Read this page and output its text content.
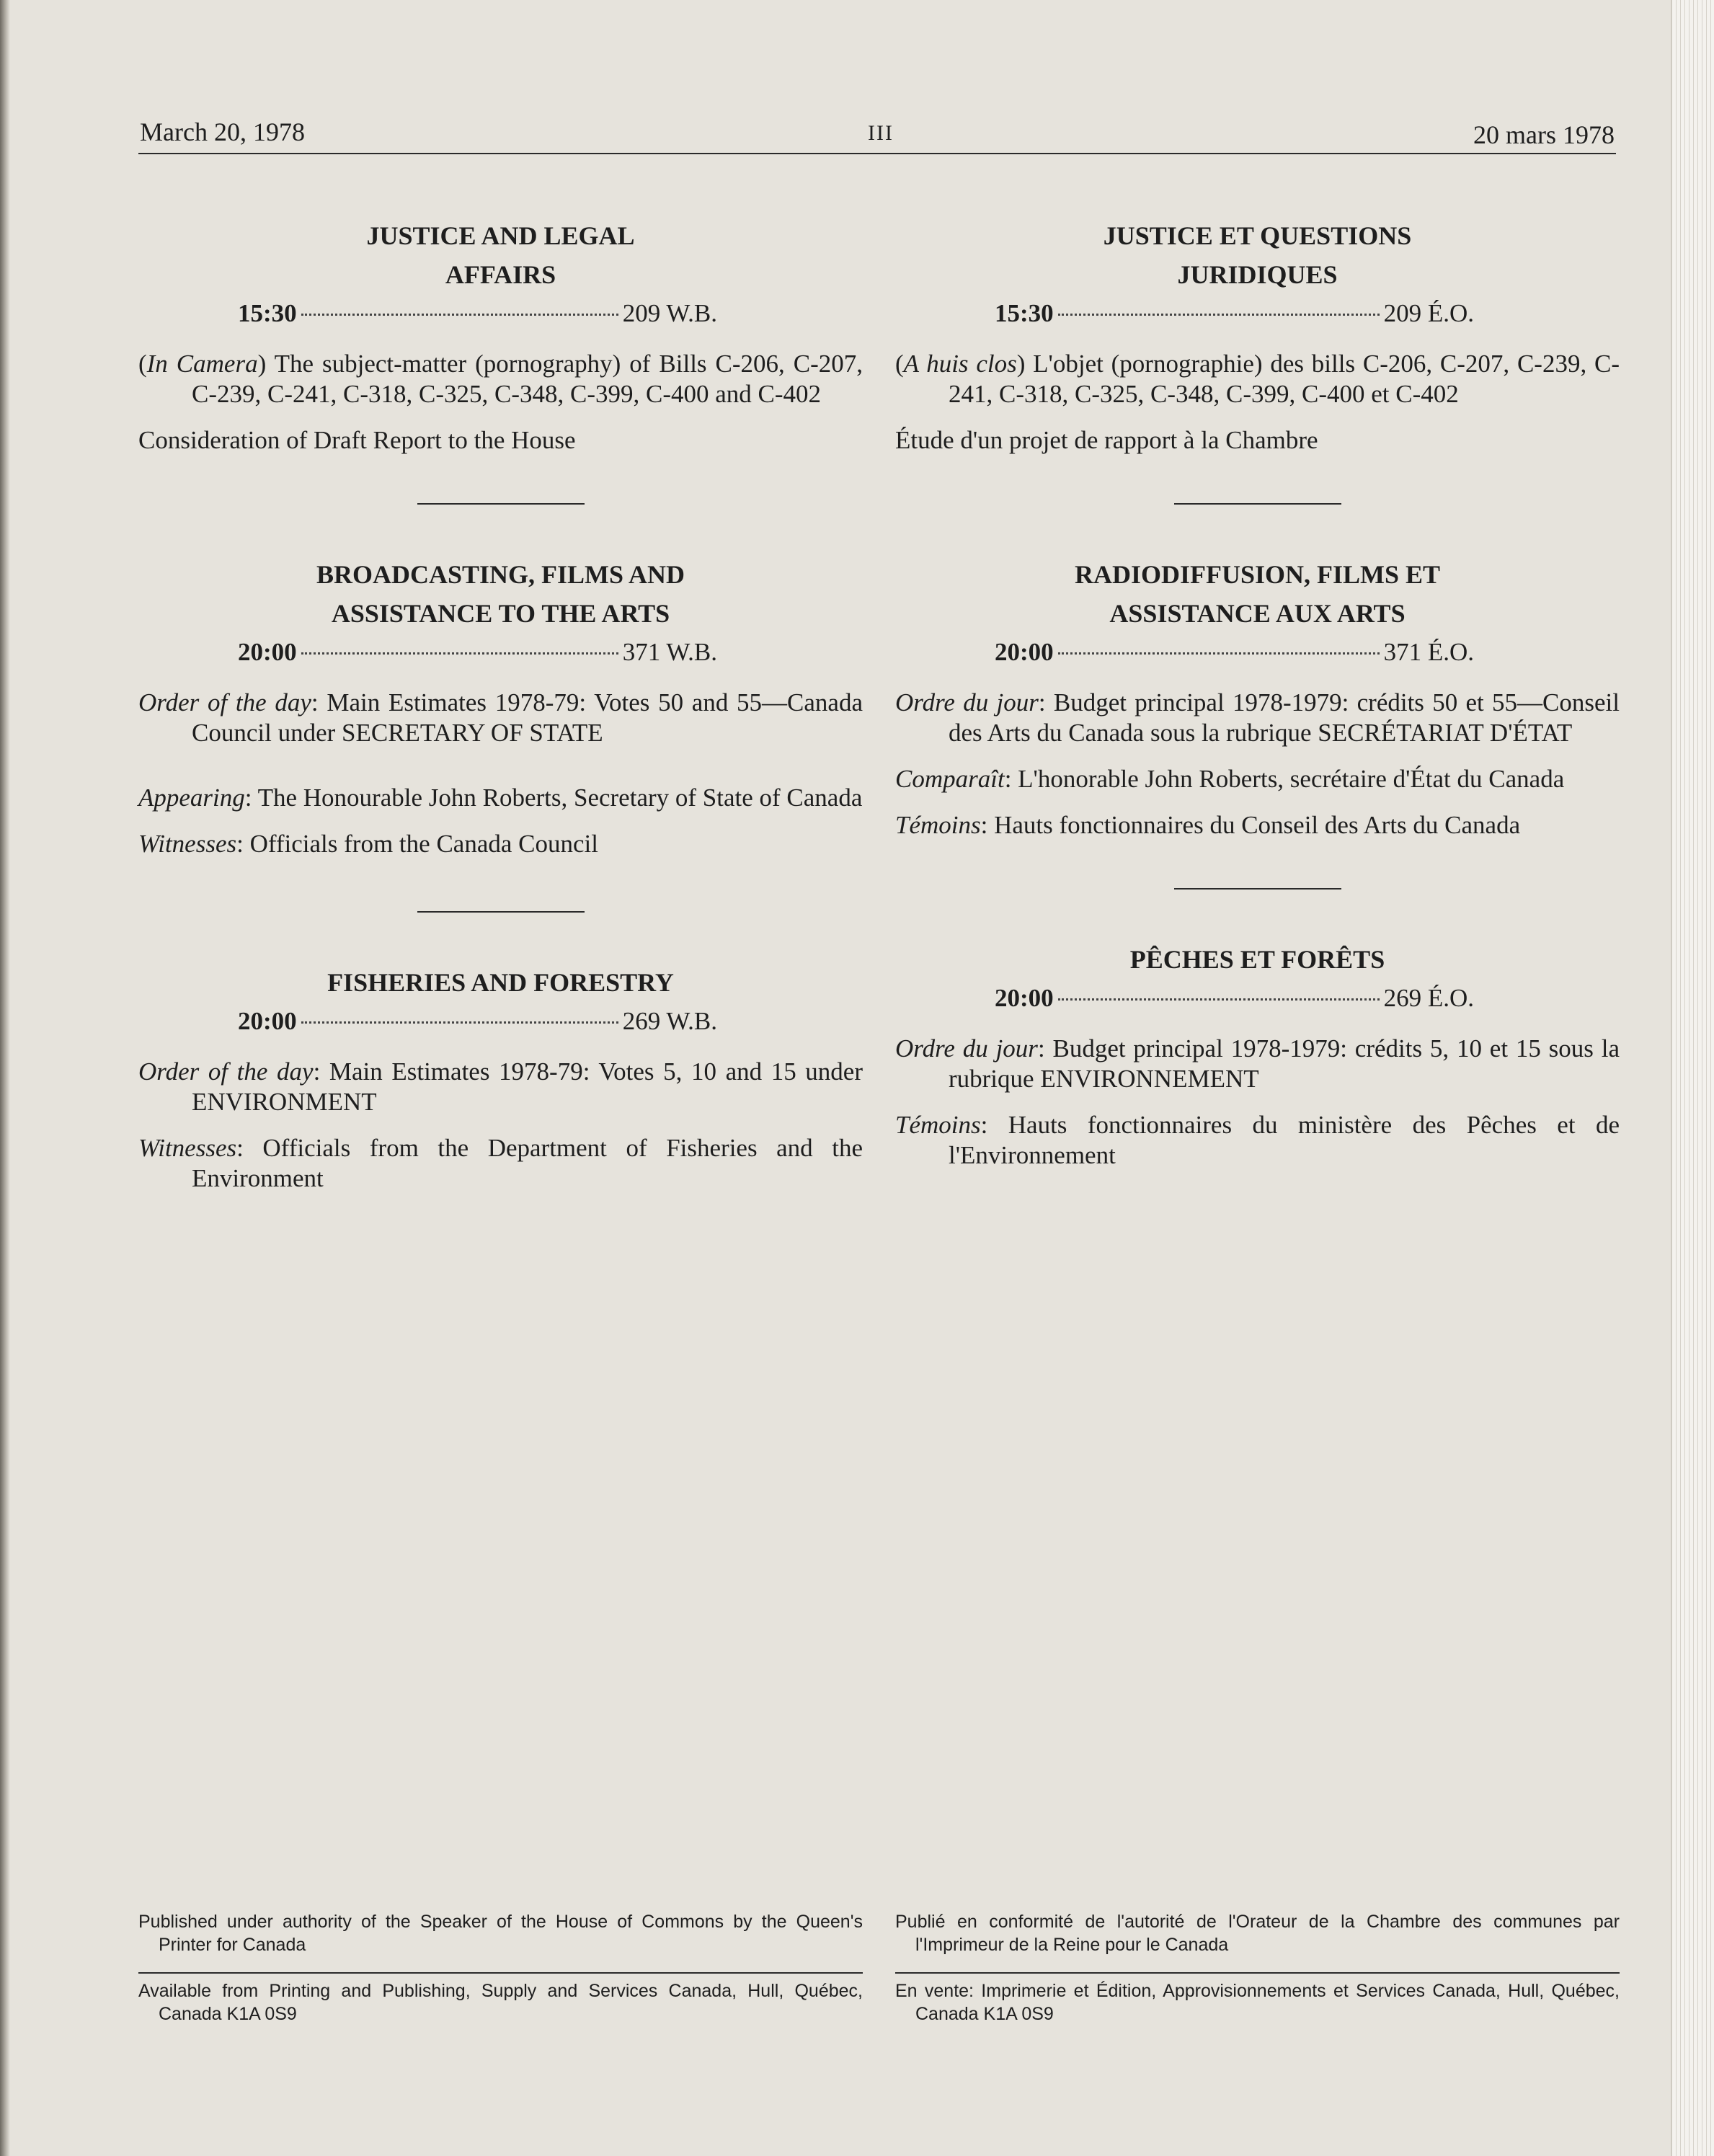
March 20, 1978	III	20 mars 1978
JUSTICE AND LEGAL
AFFAIRS
15:30	209 W.B.
(In Camera) The subject-matter (pornography) of Bills C-206, C-207, C-239, C-241, C-318, C-325, C-348, C-399, C-400 and C-402
Consideration of Draft Report to the House
BROADCASTING, FILMS AND
ASSISTANCE TO THE ARTS
20:00	371 W.B.
Order of the day: Main Estimates 1978-79: Votes 50 and 55—Canada Council under SECRETARY OF STATE
Appearing: The Honourable John Roberts, Secretary of State of Canada
Witnesses: Officials from the Canada Council
FISHERIES AND FORESTRY
20:00	269 W.B.
Order of the day: Main Estimates 1978-79: Votes 5, 10 and 15 under ENVIRONMENT
Witnesses: Officials from the Department of Fisheries and the Environment
JUSTICE ET QUESTIONS
JURIDIQUES
15:30	209 É.O.
(A huis clos) L'objet (pornographie) des bills C-206, C-207, C-239, C-241, C-318, C-325, C-348, C-399, C-400 et C-402
Étude d'un projet de rapport à la Chambre
RADIODIFFUSION, FILMS ET
ASSISTANCE AUX ARTS
20:00	371 É.O.
Ordre du jour: Budget principal 1978-1979: crédits 50 et 55—Conseil des Arts du Canada sous la rubrique SECRÉTARIAT D'ÉTAT
Comparaît: L'honorable John Roberts, secrétaire d'État du Canada
Témoins: Hauts fonctionnaires du Conseil des Arts du Canada
PÊCHES ET FORÊTS
20:00	269 É.O.
Ordre du jour: Budget principal 1978-1979: crédits 5, 10 et 15 sous la rubrique ENVIRONNEMENT
Témoins: Hauts fonctionnaires du ministère des Pêches et de l'Environnement
Published under authority of the Speaker of the House of Commons by the Queen's Printer for Canada
Available from Printing and Publishing, Supply and Services Canada, Hull, Québec, Canada K1A 0S9
Publié en conformité de l'autorité de l'Orateur de la Chambre des communes par l'Imprimeur de la Reine pour le Canada
En vente: Imprimerie et Édition, Approvisionnements et Services Canada, Hull, Québec, Canada K1A 0S9
